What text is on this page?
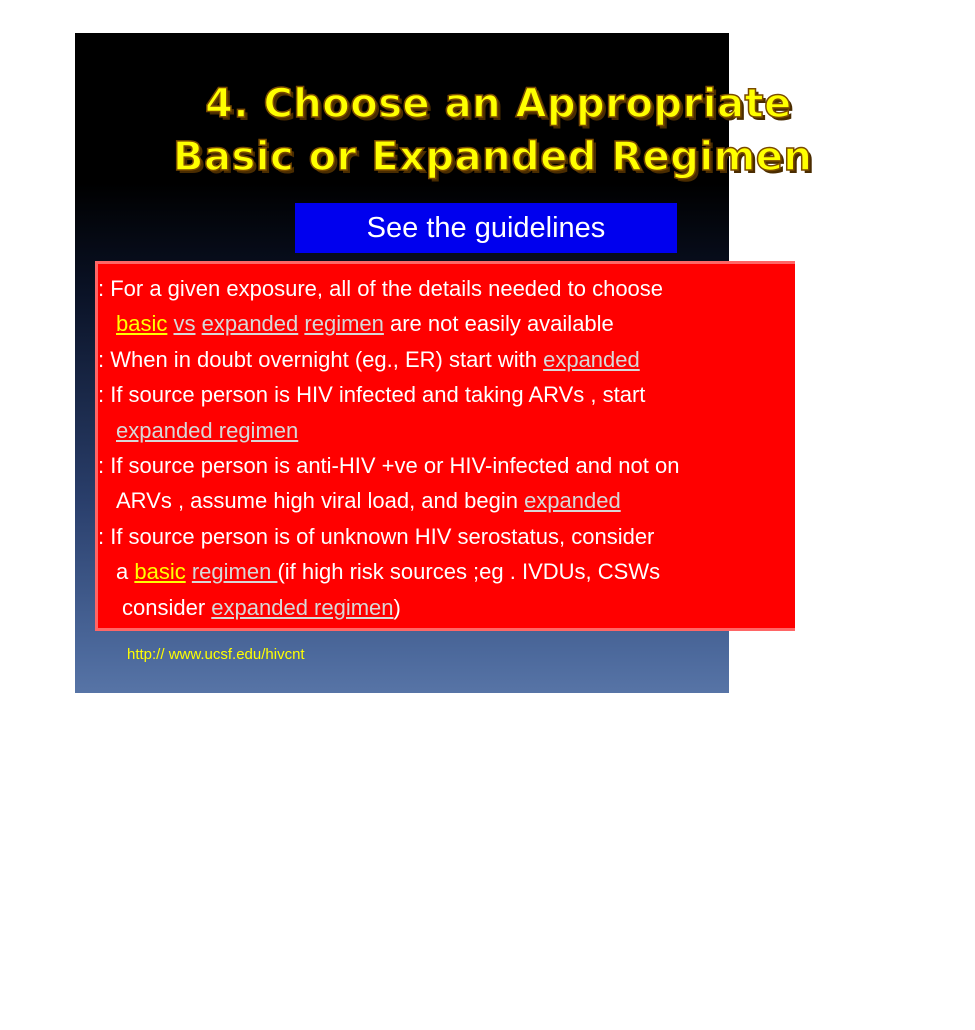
4. Choose an Appropriate
Basic or Expanded Regimen
See the guidelines
: For a given exposure, all of the details needed to choose
basic vs expanded regimen are not easily available
: When in doubt overnight (eg., ER) start with expanded
: If source person is HIV infected and taking ARVs , start
expanded regimen
: If source person is anti-HIV +ve or HIV-infected and not on
ARVs , assume high viral load, and begin expanded
: If source person is of unknown HIV serostatus, consider
a basic regimen (if high risk sources ;eg . IVDUs, CSWs
consider expanded regimen)
http:// www.ucsf.edu/hivcnt
